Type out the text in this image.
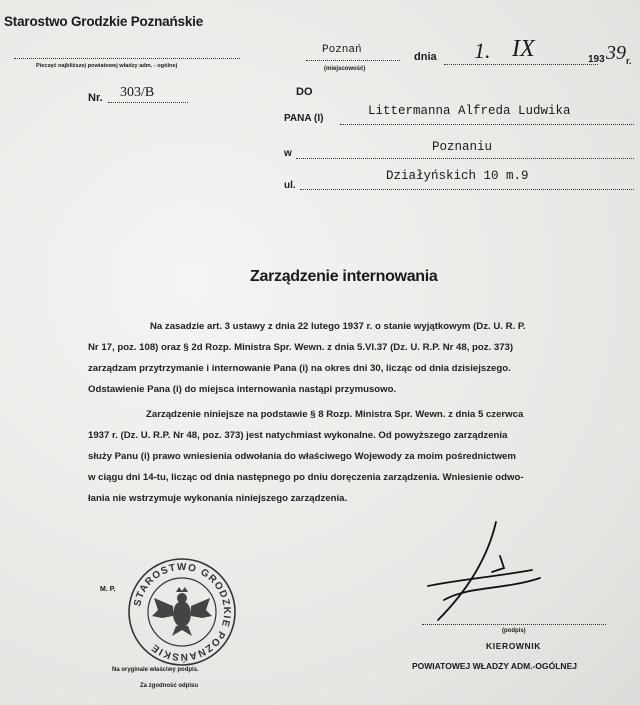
Starostwo Grodzkie Poznańskie
Pieczęć najbliższej powiatowej władzy adm. - ogólnej
Nr. 303/B
Poznań
(miejscowość)
dnia 1. IX	193 39 r.
DO
PANA (I)
Littermanna Alfreda Ludwika
w	Poznaniu
ul.
Działyńskich 10 m.9
Zarządzenie internowania
Na zasadzie art. 3 ustawy z dnia 22 lutego 1937 r. o stanie wyjątkowym (Dz. U. R. P.
Nr 17, poz. 108) oraz § 2d Rozp. Ministra Spr. Wewn. z dnia 5.VI.37 (Dz. U. R.P. Nr 48, poz. 373)
zarządzam przytrzymanie i internowanie Pana (i) na okres dni 30, licząc od dnia dzisiejszego.
Odstawienie Pana (i) do miejsca internowania nastąpi przymusowo.
Zarządzenie niniejsze na podstawie § 8 Rozp. Ministra Spr. Wewn. z dnia 5 czerwca
1937 r. (Dz. U. R.P. Nr 48, poz. 373) jest natychmiast wykonalne. Od powyższego zarządzenia
służy Panu (i) prawo wniesienia odwołania do właściwego Wojewody za moim pośrednictwem
w ciągu dni 14-tu, licząc od dnia następnego po dniu doręczenia zarządzenia. Wniesienie odwo-
łania nie wstrzymuje wykonania niniejszego zarządzenia.
M. P.
STAROSTWO GRODZKIE POZNAŃSKIE
Na oryginale właściwy podpis.
Za zgodność odpisu
(podpis)
KIEROWNIK
POWIATOWEJ WŁADZY ADM.-OGÓLNEJ
